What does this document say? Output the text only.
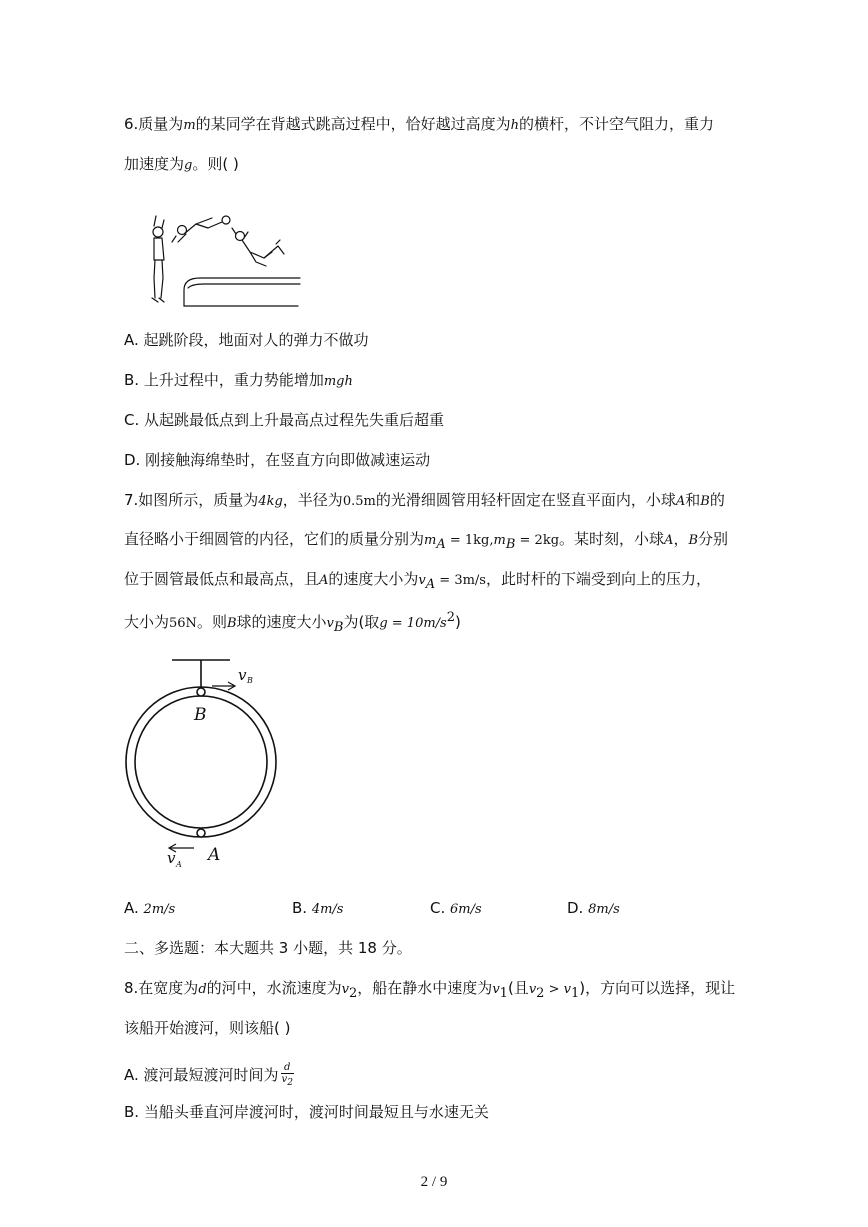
6.质量为m的某同学在背越式跳高过程中，恰好越过高度为h的横杆，不计空气阻力，重力
加速度为g。则( )
A. 起跳阶段，地面对人的弹力不做功
B. 上升过程中，重力势能增加mgh
C. 从起跳最低点到上升最高点过程先失重后超重
D. 刚接触海绵垫时，在竖直方向即做减速运动
7.如图所示，质量为4kg，半径为0.5m的光滑细圆管用轻杆固定在竖直平面内，小球A和B的
直径略小于细圆管的内径，它们的质量分别为$m_A = 1kg,m_B = 2kg$。某时刻，小球A，B分别
位于圆管最低点和最高点，且A的速度大小为$v_A = 3m/s$，此时杆的下端受到向上的压力，
大小为56N。则B球的速度大小$v_B$为(取$g = 10m/s^2$)
B
A
v B
v A
A. 2m/s	B. 4m/s	C. 6m/s	D. 8m/s
二、多选题：本大题共 3 小题，共 18 分。
8.在宽度为d的河中，水流速度为$v_2$，船在静水中速度为$v_1$(且$v_2 > v_1$)，方向可以选择，现让
该船开始渡河，则该船( )
A. 渡河最短渡河时间为 $\frac{d}{v_2}$
B. 当船头垂直河岸渡河时，渡河时间最短且与水速无关
2 / 9
